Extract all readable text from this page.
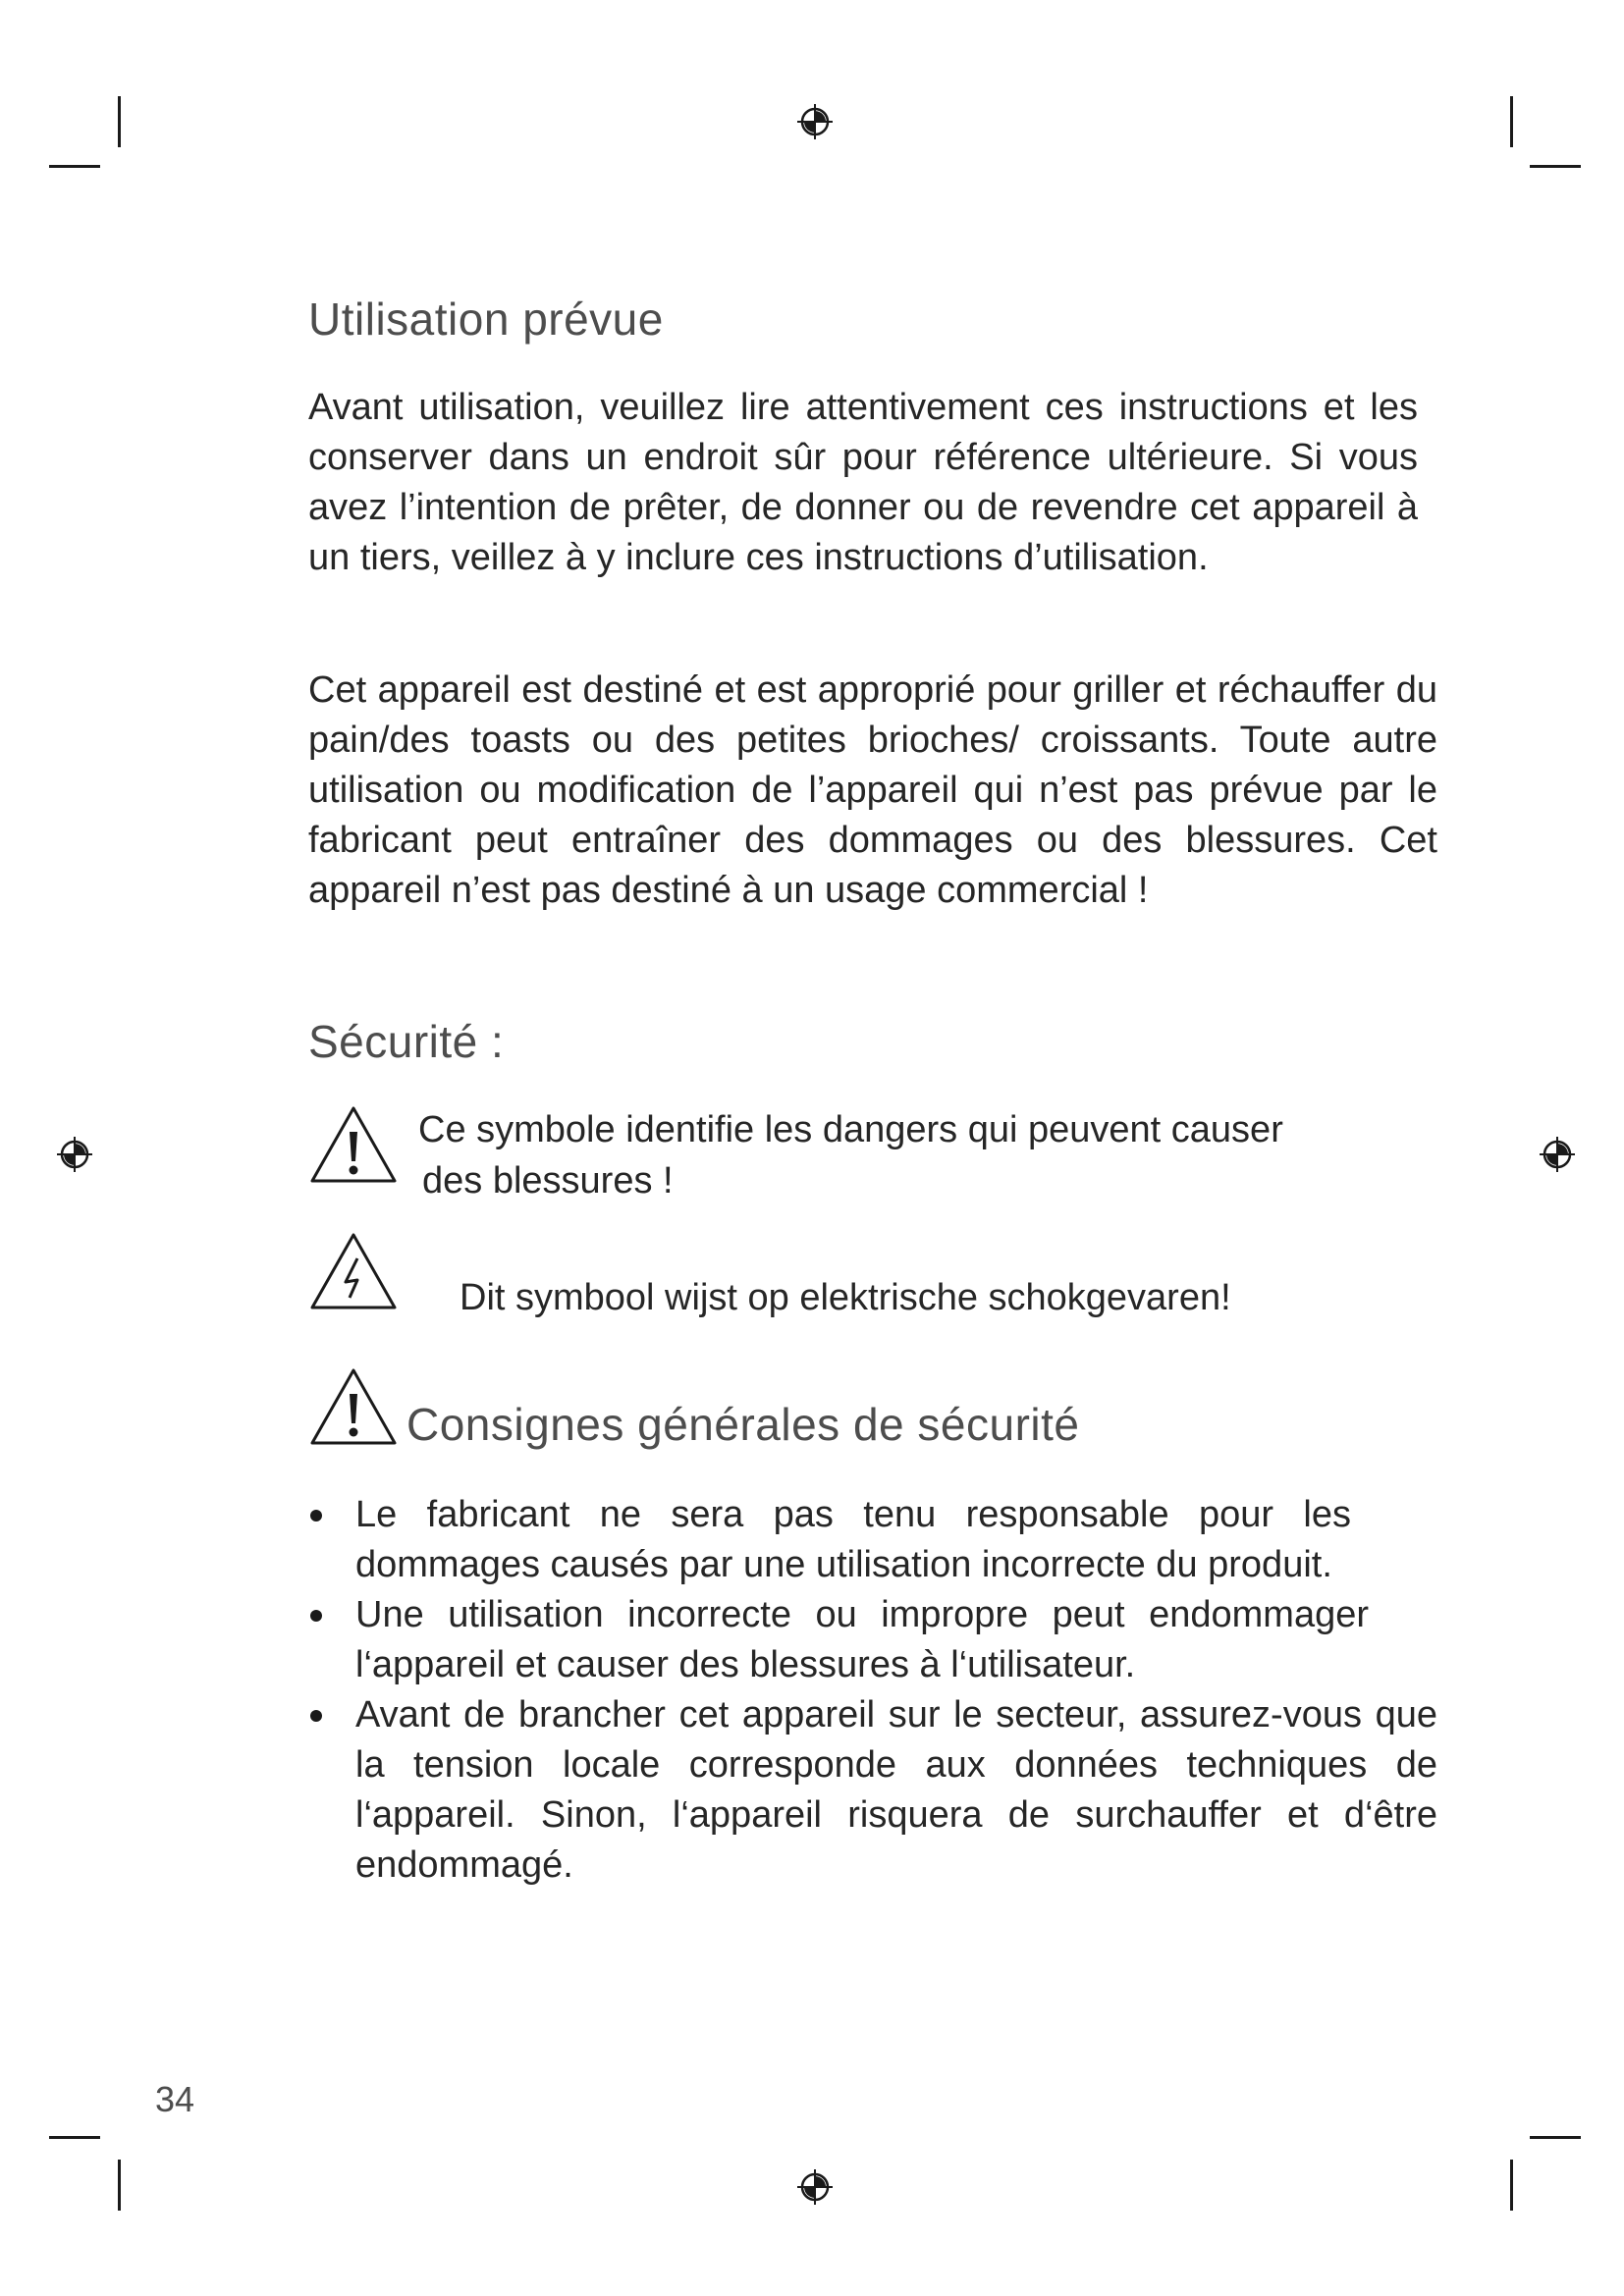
Utilisation prévue

Avant utilisation, veuillez lire attentivement ces instructions et les conserver dans un endroit sûr pour référence ultérieure. Si vous avez l’intention de prêter, de donner ou de revendre cet appareil à un tiers, veillez à y inclure ces instructions d’utilisation.

Cet appareil est destiné et est approprié pour griller et réchauffer du pain/des toasts ou des petites brioches/ croissants. Toute autre utilisation ou modification de l’appareil qui n’est pas prévue par le fabricant peut entraîner des dommages ou des blessures. Cet appareil n’est pas destiné à un usage commercial !

Sécurité :
Ce symbole identifie les dangers qui peuvent causer
des blessures !
Dit symbool wijst op elektrische schokgevaren!
Consignes générales de sécurité
Le fabricant ne sera pas tenu responsable pour les dommages causés par une utilisation incorrecte du produit.
Une utilisation incorrecte ou impropre peut endommager l‘appareil et causer des blessures à l‘utilisateur.
Avant de brancher cet appareil sur le secteur, assurez-vous que la tension locale corresponde aux données techniques de l‘appareil. Sinon, l‘appareil risquera de surchauffer et d‘être endommagé.
34
